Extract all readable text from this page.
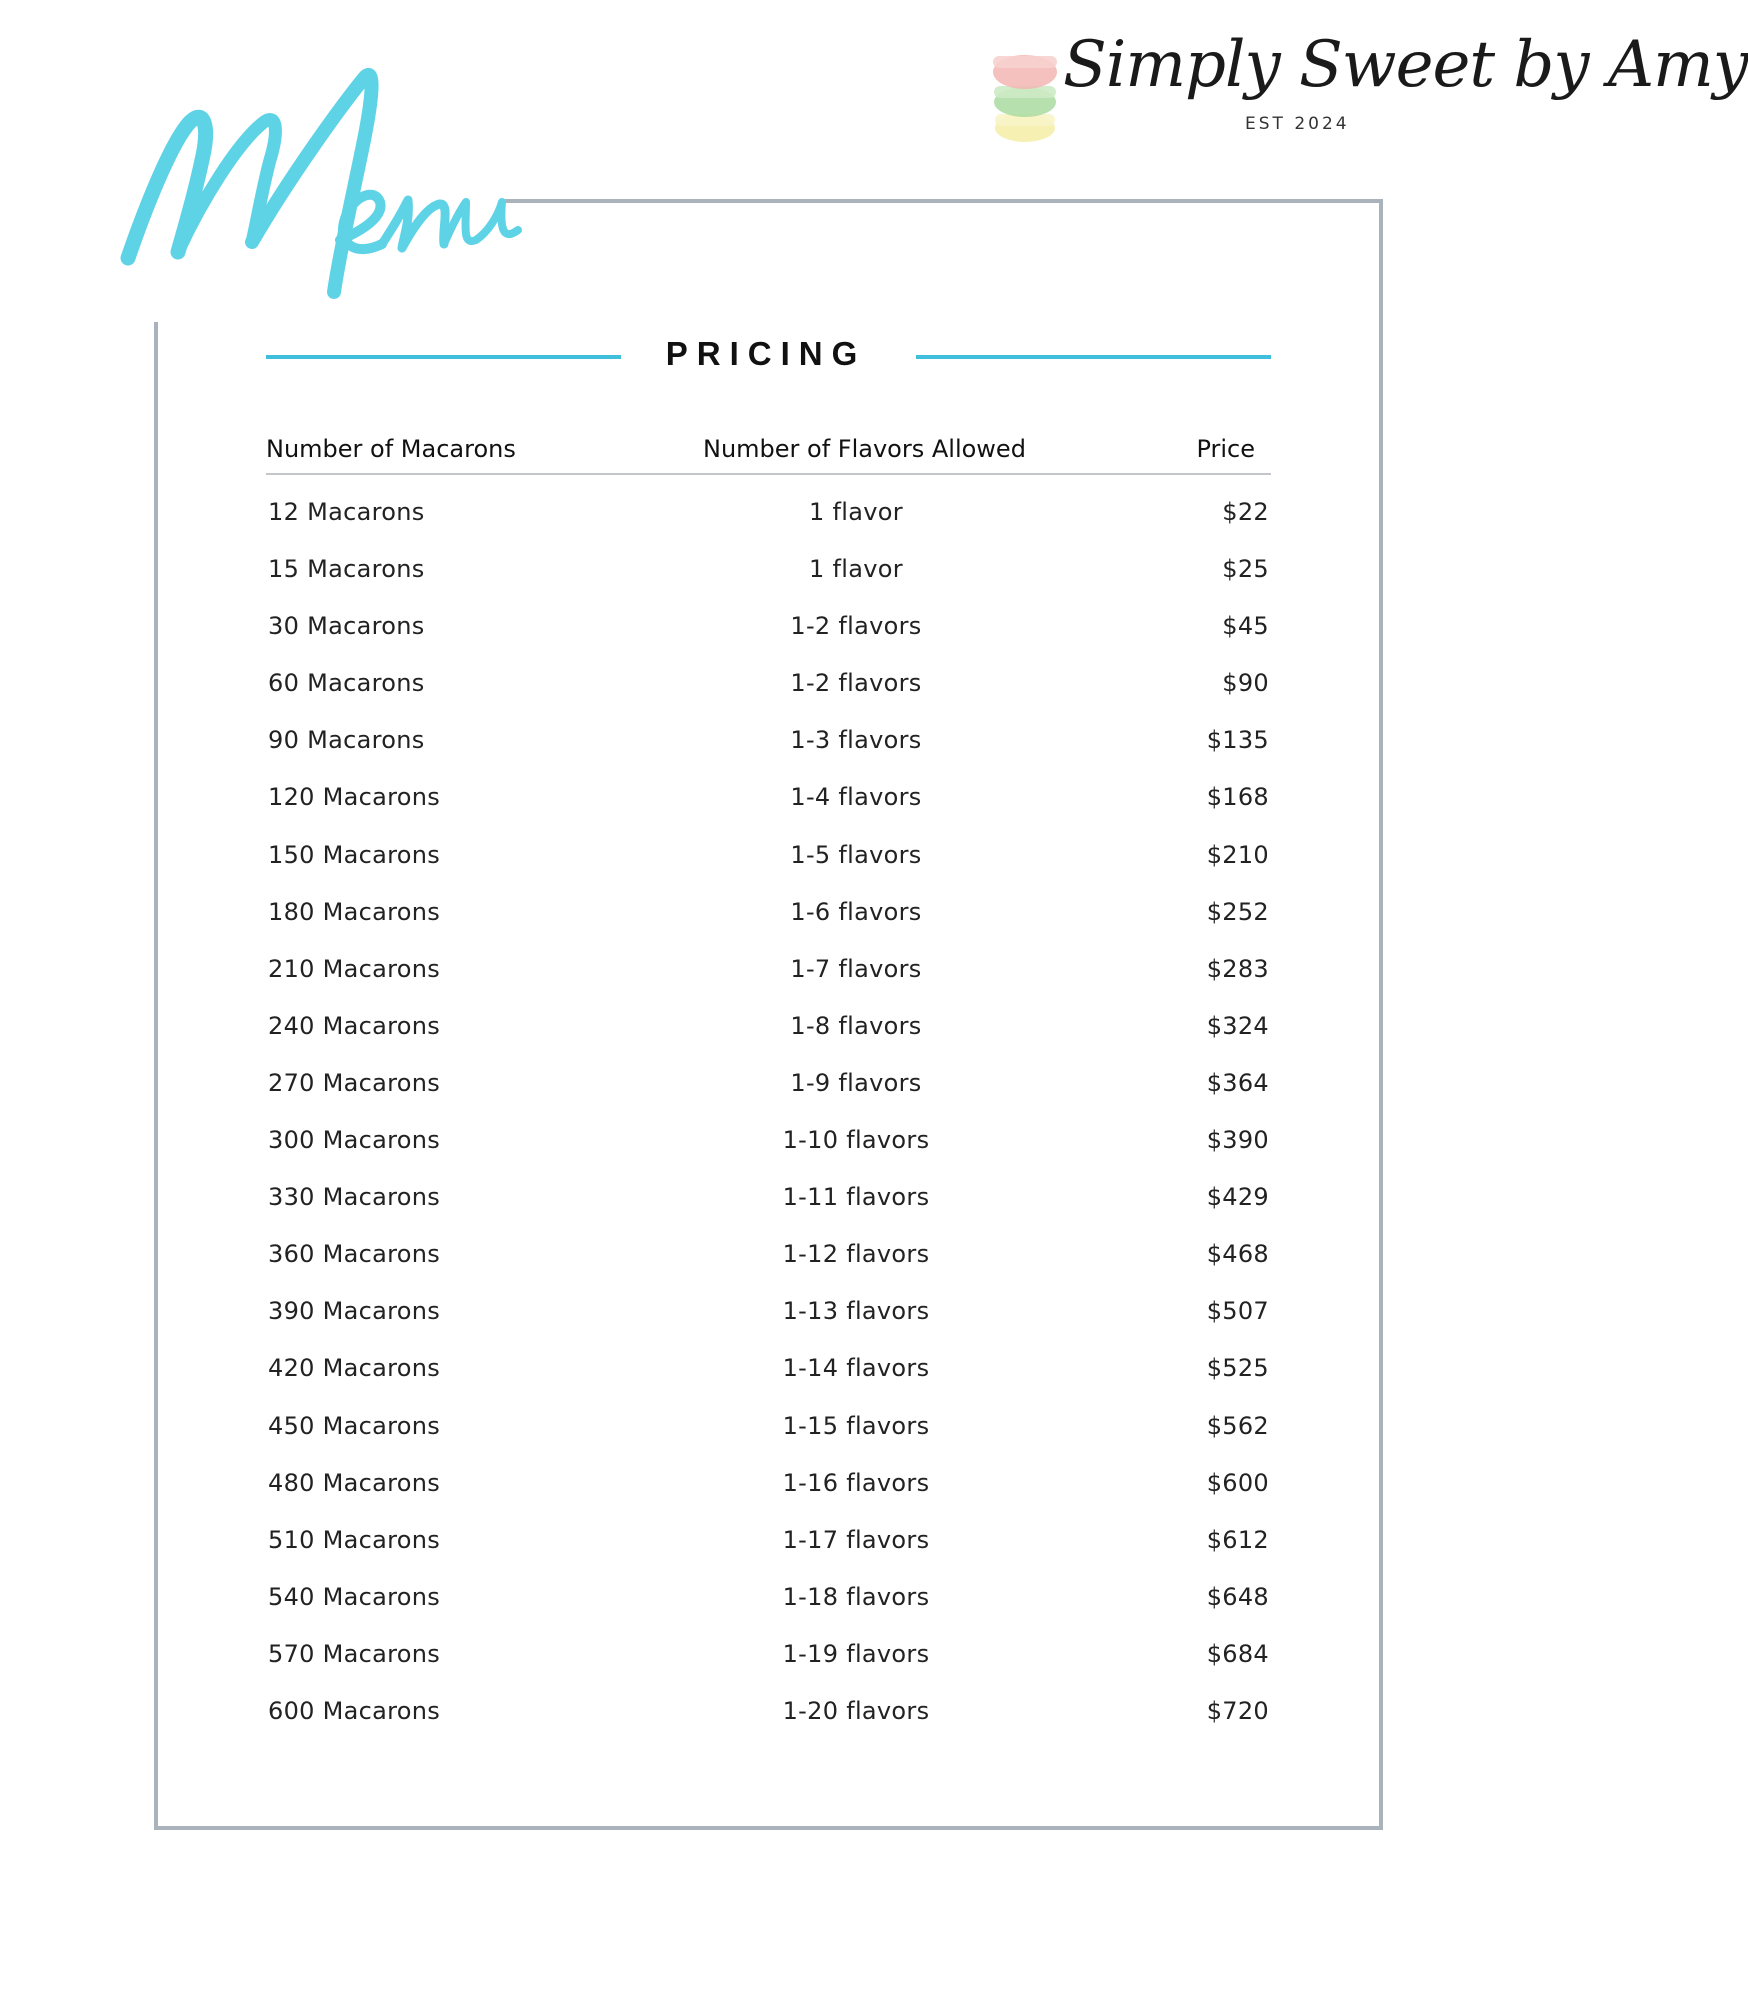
Simply Sweet by Amy
EST 2024
PRICING
Number of Macarons	Number of Flavors Allowed	Price
12 Macarons	1 flavor	$22
15 Macarons	1 flavor	$25
30 Macarons	1-2 flavors	$45
60 Macarons	1-2 flavors	$90
90 Macarons	1-3 flavors	$135
120 Macarons	1-4 flavors	$168
150 Macarons	1-5 flavors	$210
180 Macarons	1-6 flavors	$252
210 Macarons	1-7 flavors	$283
240 Macarons	1-8 flavors	$324
270 Macarons	1-9 flavors	$364
300 Macarons	1-10 flavors	$390
330 Macarons	1-11 flavors	$429
360 Macarons	1-12 flavors	$468
390 Macarons	1-13 flavors	$507
420 Macarons	1-14 flavors	$525
450 Macarons	1-15 flavors	$562
480 Macarons	1-16 flavors	$600
510 Macarons	1-17 flavors	$612
540 Macarons	1-18 flavors	$648
570 Macarons	1-19 flavors	$684
600 Macarons	1-20 flavors	$720
